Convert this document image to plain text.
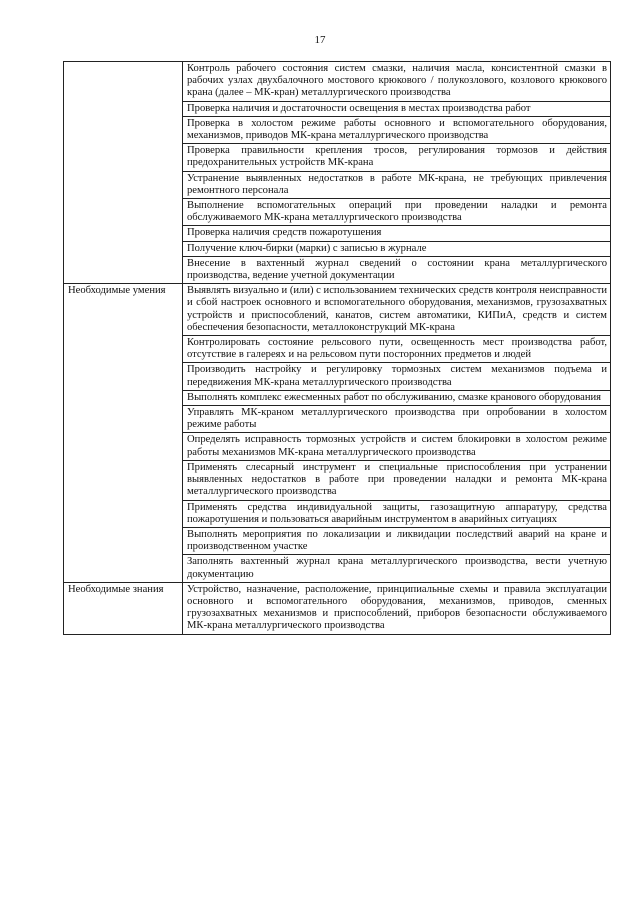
17
	Контроль рабочего состояния систем смазки, наличия масла, консистентной смазки в рабочих узлах двухбалочного мостового крюкового / полукозлового, козлового крюкового крана (далее – МК-кран) металлургического производства
	Проверка наличия и достаточности освещения в местах производства работ
	Проверка в холостом режиме работы основного и вспомогательного оборудования, механизмов, приводов МК-крана металлургического производства
	Проверка правильности крепления тросов, регулирования тормозов и действия предохранительных устройств МК-крана
	Устранение выявленных недостатков в работе МК-крана, не требующих привлечения ремонтного персонала
	Выполнение вспомогательных операций при проведении наладки и ремонта обслуживаемого МК-крана металлургического производства
	Проверка наличия средств пожаротушения
	Получение ключ-бирки (марки) с записью в журнале
	Внесение в вахтенный журнал сведений о состоянии крана металлургического производства, ведение учетной документации
Необходимые умения	Выявлять визуально и (или) с использованием технических средств контроля неисправности и сбой настроек основного и вспомогательного оборудования, механизмов, грузозахватных устройств и приспособлений, канатов, систем автоматики, КИПиА, средств и систем обеспечения безопасности, металлоконструкций МК-крана
	Контролировать состояние рельсового пути, освещенность мест производства работ, отсутствие в галереях и на рельсовом пути посторонних предметов и людей
	Производить настройку и регулировку тормозных систем механизмов подъема и передвижения МК-крана металлургического производства
	Выполнять комплекс ежесменных работ по обслуживанию, смазке кранового оборудования
	Управлять МК-краном металлургического производства при опробовании в холостом режиме работы
	Определять исправность тормозных устройств и систем блокировки в холостом режиме работы механизмов МК-крана металлургического производства
	Применять слесарный инструмент и специальные приспособления при устранении выявленных недостатков в работе при проведении наладки и ремонта МК-крана металлургического производства
	Применять средства индивидуальной защиты, газозащитную аппаратуру, средства пожаротушения и пользоваться аварийным инструментом в аварийных ситуациях
	Выполнять мероприятия по локализации и ликвидации последствий аварий на кране и производственном участке
	Заполнять вахтенный журнал крана металлургического производства, вести учетную документацию
Необходимые знания	Устройство, назначение, расположение, принципиальные схемы и правила эксплуатации основного и вспомогательного оборудования, механизмов, приводов, сменных грузозахватных механизмов и приспособлений, приборов безопасности обслуживаемого МК-крана металлургического производства
